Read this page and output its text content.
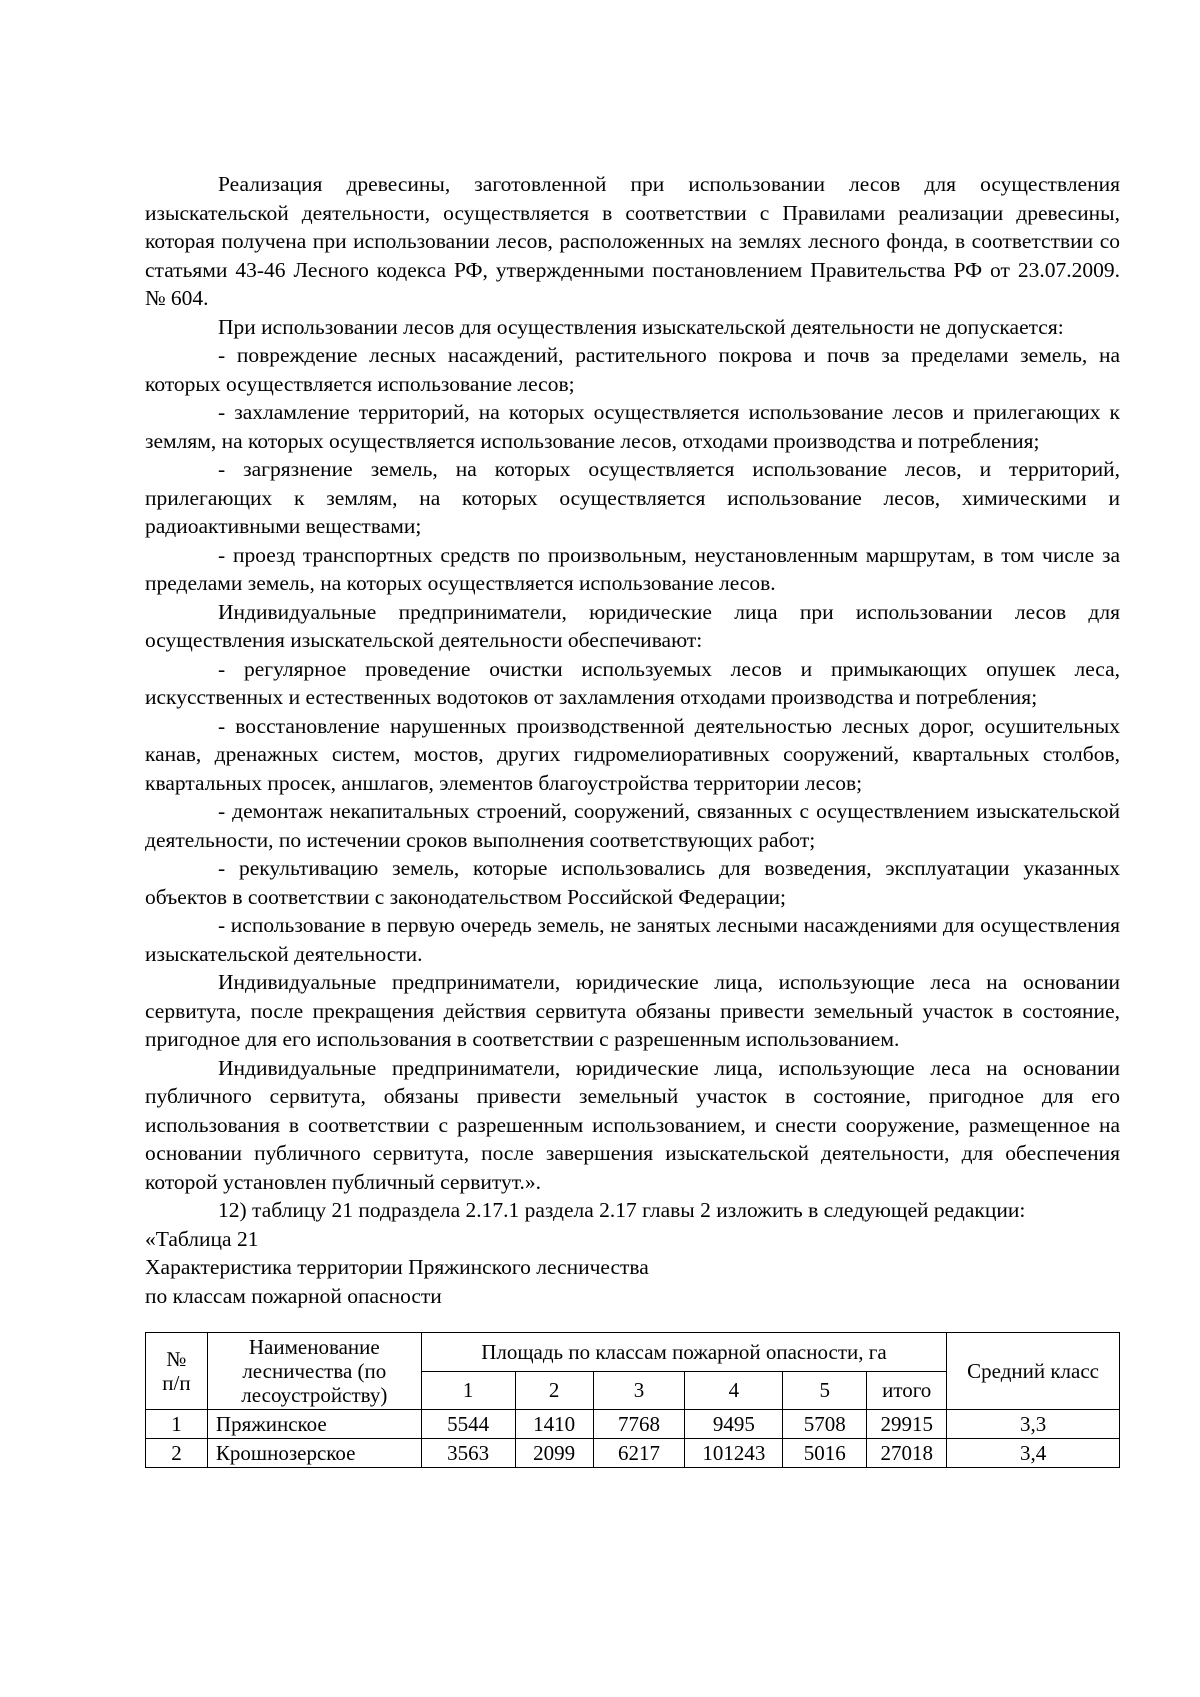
Реализация древесины, заготовленной при использовании лесов для осуществления изыскательской деятельности, осуществляется в соответствии с Правилами реализации древесины, которая получена при использовании лесов, расположенных на землях лесного фонда, в соответствии со статьями 43-46 Лесного кодекса РФ, утвержденными постановлением Правительства РФ от 23.07.2009. № 604.

При использовании лесов для осуществления изыскательской деятельности не допускается:

- повреждение лесных насаждений, растительного покрова и почв за пределами земель, на которых осуществляется использование лесов;

- захламление территорий, на которых осуществляется использование лесов и прилегающих к землям, на которых осуществляется использование лесов, отходами производства и потребления;

- загрязнение земель, на которых осуществляется использование лесов, и территорий, прилегающих к землям, на которых осуществляется использование лесов, химическими и радиоактивными веществами;

- проезд транспортных средств по произвольным, неустановленным маршрутам, в том числе за пределами земель, на которых осуществляется использование лесов.

Индивидуальные предприниматели, юридические лица при использовании лесов для осуществления изыскательской деятельности обеспечивают:

- регулярное проведение очистки используемых лесов и примыкающих опушек леса, искусственных и естественных водотоков от захламления отходами производства и потребления;

- восстановление нарушенных производственной деятельностью лесных дорог, осушительных канав, дренажных систем, мостов, других гидромелиоративных сооружений, квартальных столбов, квартальных просек, аншлагов, элементов благоустройства территории лесов;

- демонтаж некапитальных строений, сооружений, связанных с осуществлением изыскательской деятельности, по истечении сроков выполнения соответствующих работ;

- рекультивацию земель, которые использовались для возведения, эксплуатации указанных объектов в соответствии с законодательством Российской Федерации;

- использование в первую очередь земель, не занятых лесными насаждениями для осуществления изыскательской деятельности.

Индивидуальные предприниматели, юридические лица, использующие леса на основании сервитута, после прекращения действия сервитута обязаны привести земельный участок в состояние, пригодное для его использования в соответствии с разрешенным использованием.

Индивидуальные предприниматели, юридические лица, использующие леса на основании публичного сервитута, обязаны привести земельный участок в состояние, пригодное для его использования в соответствии с разрешенным использованием, и снести сооружение, размещенное на основании публичного сервитута, после завершения изыскательской деятельности, для обеспечения которой установлен публичный сервитут.».

12) таблицу 21 подраздела 2.17.1 раздела 2.17 главы 2 изложить в следующей редакции:

«Таблица 21

Характеристика территории Пряжинского лесничества

по классам пожарной опасности

№
п/п	Наименование лесничества (по лесоустройству)	Площадь по классам пожарной опасности, га						Средний класс
		1	2	3	4	5	итого	
1	Пряжинское	5544	1410	7768	9495	5708	29915	3,3
2	Крошнозерское	3563	2099	6217	101243	5016	27018	3,4
